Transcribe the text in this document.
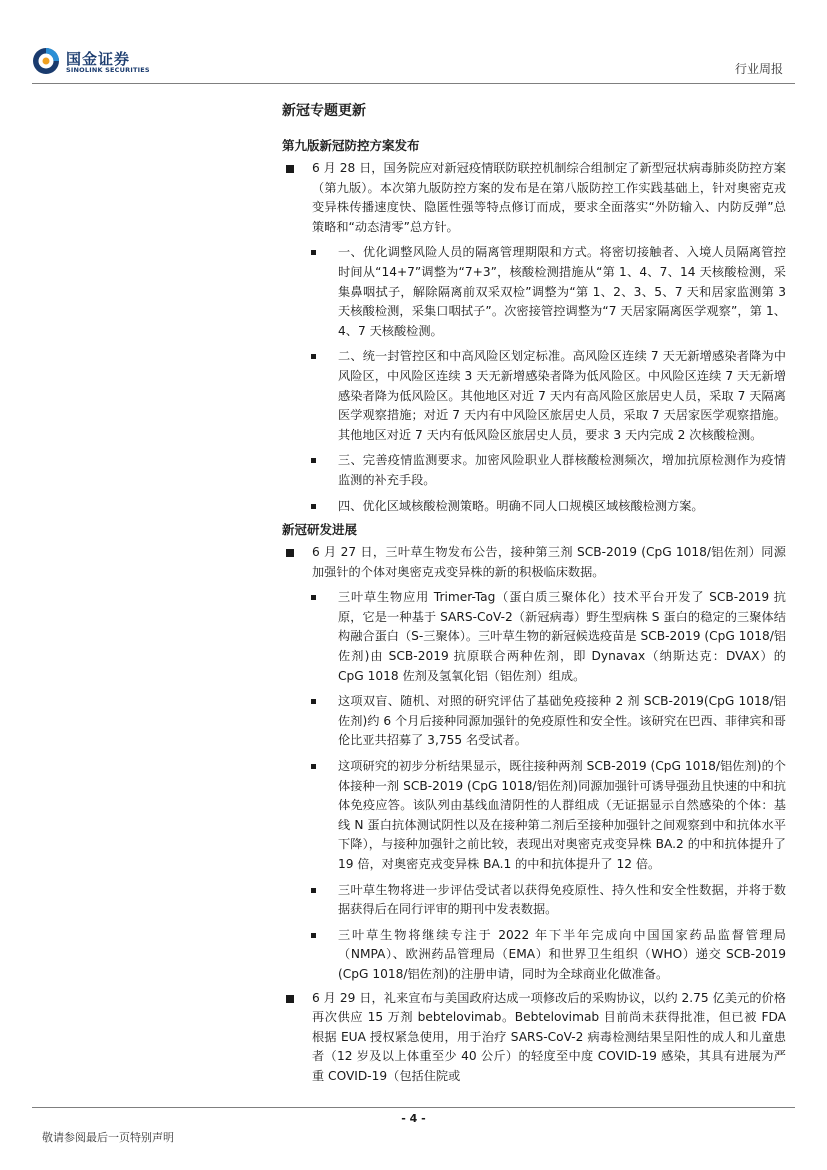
国金证券
SINOLINK SECURITIES	行业周报
新冠专题更新
第九版新冠防控方案发布
6 月 28 日，国务院应对新冠疫情联防联控机制综合组制定了新型冠状病毒肺炎防控方案（第九版）。本次第九版防控方案的发布是在第八版防控工作实践基础上，针对奥密克戎变异株传播速度快、隐匿性强等特点修订而成，要求全面落实“外防输入、内防反弹”总策略和“动态清零”总方针。
一、优化调整风险人员的隔离管理期限和方式。将密切接触者、入境人员隔离管控时间从“14+7”调整为“7+3”，核酸检测措施从“第 1、4、7、14 天核酸检测，采集鼻咽拭子，解除隔离前双采双检”调整为“第 1、2、3、5、7 天和居家监测第 3 天核酸检测，采集口咽拭子”。次密接管控调整为“7 天居家隔离医学观察”，第 1、4、7 天核酸检测。
二、统一封管控区和中高风险区划定标准。高风险区连续 7 天无新增感染者降为中风险区，中风险区连续 3 天无新增感染者降为低风险区。中风险区连续 7 天无新增感染者降为低风险区。其他地区对近 7 天内有高风险区旅居史人员，采取 7 天隔离医学观察措施；对近 7 天内有中风险区旅居史人员，采取 7 天居家医学观察措施。其他地区对近 7 天内有低风险区旅居史人员，要求 3 天内完成 2 次核酸检测。
三、完善疫情监测要求。加密风险职业人群核酸检测频次，增加抗原检测作为疫情监测的补充手段。
四、优化区域核酸检测策略。明确不同人口规模区域核酸检测方案。
新冠研发进展
6 月 27 日，三叶草生物发布公告，接种第三剂 SCB-2019 (CpG 1018/铝佐剂）同源加强针的个体对奥密克戎变异株的新的积极临床数据。
三叶草生物应用 Trimer-Tag（蛋白质三聚体化）技术平台开发了 SCB-2019 抗原，它是一种基于 SARS-CoV-2（新冠病毒）野生型病株 S 蛋白的稳定的三聚体结构融合蛋白（S-三聚体）。三叶草生物的新冠候选疫苗是 SCB-2019 (CpG 1018/铝佐剂)由 SCB-2019 抗原联合两种佐剂，即 Dynavax（纳斯达克：DVAX）的 CpG 1018 佐剂及氢氧化铝（铝佐剂）组成。
这项双盲、随机、对照的研究评估了基础免疫接种 2 剂 SCB-2019(CpG 1018/铝佐剂)约 6 个月后接种同源加强针的免疫原性和安全性。该研究在巴西、菲律宾和哥伦比亚共招募了 3,755 名受试者。
这项研究的初步分析结果显示，既往接种两剂 SCB-2019 (CpG 1018/铝佐剂)的个体接种一剂 SCB-2019 (CpG 1018/铝佐剂)同源加强针可诱导强劲且快速的中和抗体免疫应答。该队列由基线血清阴性的人群组成（无证据显示自然感染的个体：基线 N 蛋白抗体测试阴性以及在接种第二剂后至接种加强针之间观察到中和抗体水平下降），与接种加强针之前比较，表现出对奥密克戎变异株 BA.2 的中和抗体提升了 19 倍，对奥密克戎变异株 BA.1 的中和抗体提升了 12 倍。
三叶草生物将进一步评估受试者以获得免疫原性、持久性和安全性数据，并将于数据获得后在同行评审的期刊中发表数据。
三叶草生物将继续专注于 2022 年下半年完成向中国国家药品监督管理局（NMPA）、欧洲药品管理局（EMA）和世界卫生组织（WHO）递交 SCB-2019 (CpG 1018/铝佐剂)的注册申请，同时为全球商业化做准备。
6 月 29 日，礼来宣布与美国政府达成一项修改后的采购协议，以约 2.75 亿美元的价格再次供应 15 万剂 bebtelovimab。Bebtelovimab 目前尚未获得批准，但已被 FDA 根据 EUA 授权紧急使用，用于治疗 SARS-CoV-2 病毒检测结果呈阳性的成人和儿童患者（12 岁及以上体重至少 40 公斤）的轻度至中度 COVID-19 感染，其具有进展为严重 COVID-19（包括住院或
- 4 -
敬请参阅最后一页特别声明
